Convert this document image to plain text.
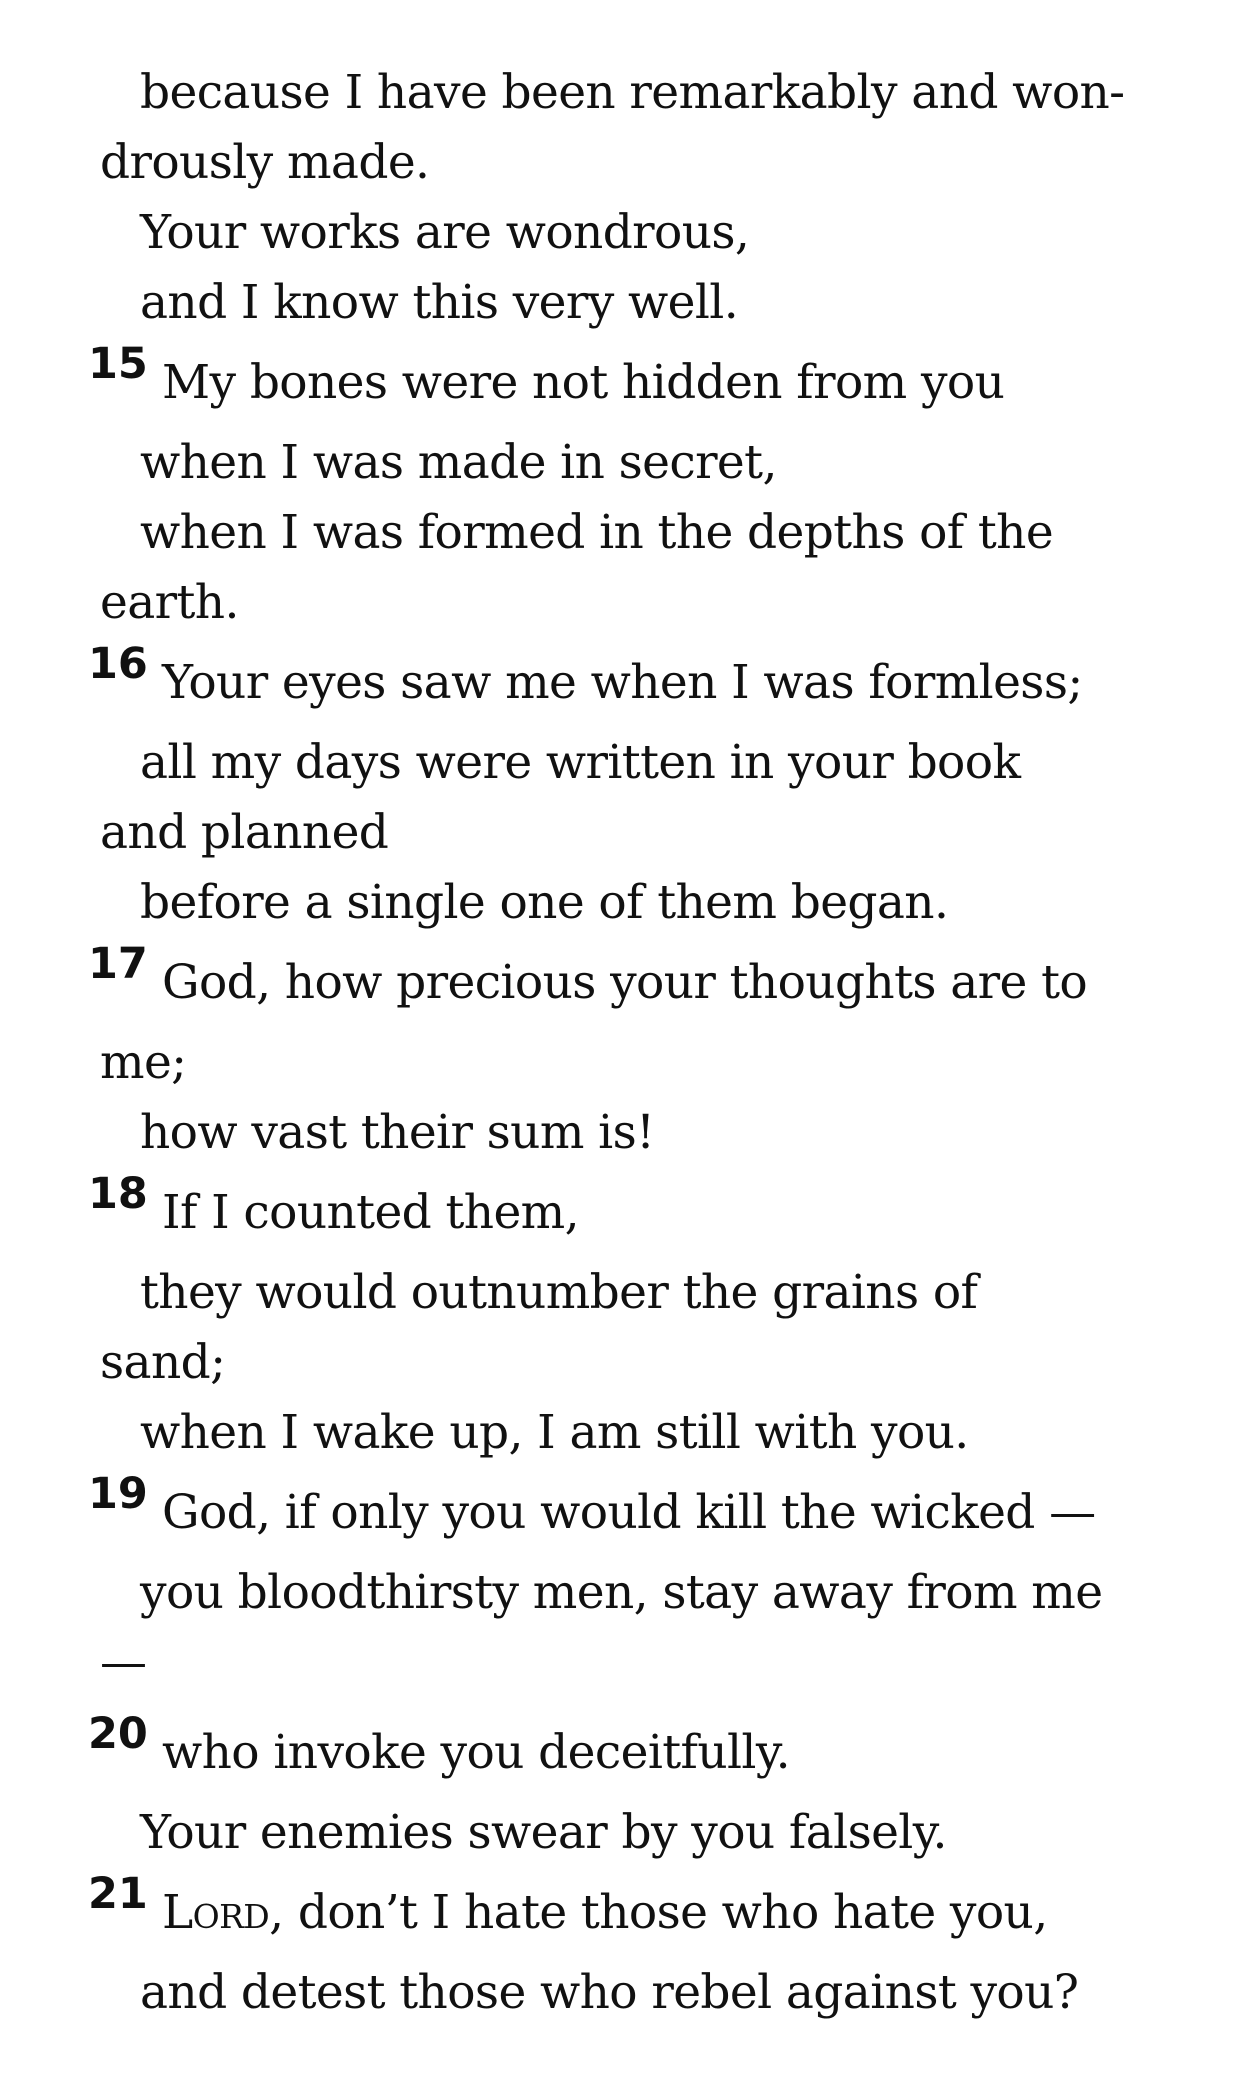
because I have been remarkably and won-
drously made.
Your works are wondrous,
and I know this very well.
15 My bones were not hidden from you
when I was made in secret,
when I was formed in the depths of the
earth.
16 Your eyes saw me when I was formless;
all my days were written in your book
and planned
before a single one of them began.
17 God, how precious your thoughts are to
me;
how vast their sum is!
18 If I counted them,
they would outnumber the grains of
sand;
when I wake up, I am still with you.
19 God, if only you would kill the wicked —
you bloodthirsty men, stay away from me
—
20 who invoke you deceitfully.
Your enemies swear by you falsely.
21 Lord, don’t I hate those who hate you,
and detest those who rebel against you?
